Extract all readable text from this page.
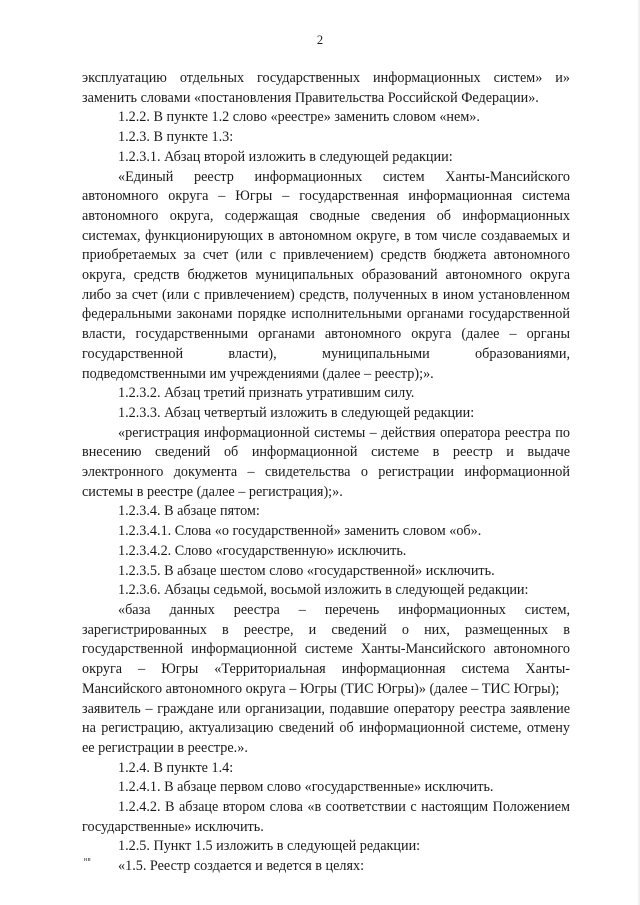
2

эксплуатацию отдельных государственных информационных систем» и» заменить словами «постановления Правительства Российской Федерации».

1.2.2. В пункте 1.2 слово «реестре» заменить словом «нем».

1.2.3. В пункте 1.3:

1.2.3.1. Абзац второй изложить в следующей редакции:

«Единый реестр информационных систем Ханты-Мансийского автономного округа – Югры – государственная информационная система автономного округа, содержащая сводные сведения об информационных системах, функционирующих в автономном округе, в том числе создаваемых и приобретаемых за счет (или с привлечением) средств бюджета автономного округа, средств бюджетов муниципальных образований автономного округа либо за счет (или с привлечением) средств, полученных в ином установленном федеральными законами порядке исполнительными органами государственной власти, государственными органами автономного округа (далее – органы государственной власти), муниципальными образованиями, подведомственными им учреждениями (далее – реестр);».

1.2.3.2. Абзац третий признать утратившим силу.

1.2.3.3. Абзац четвертый изложить в следующей редакции:

«регистрация информационной системы – действия оператора реестра по внесению сведений об информационной системе в реестр и выдаче электронного документа – свидетельства о регистрации информационной системы в реестре (далее – регистрация);».

1.2.3.4. В абзаце пятом:

1.2.3.4.1. Слова «о государственной» заменить словом «об».

1.2.3.4.2. Слово «государственную» исключить.

1.2.3.5. В абзаце шестом слово «государственной» исключить.

1.2.3.6. Абзацы седьмой, восьмой изложить в следующей редакции:

«база данных реестра – перечень информационных систем, зарегистрированных в реестре, и сведений о них, размещенных в государственной информационной системе Ханты-Мансийского автономного округа – Югры «Территориальная информационная система Ханты-Мансийского автономного округа – Югры (ТИС Югры)» (далее – ТИС Югры);

заявитель – граждане или организации, подавшие оператору реестра заявление на регистрацию, актуализацию сведений об информационной системе, отмену ее регистрации в реестре.».

1.2.4. В пункте 1.4:

1.2.4.1. В абзаце первом слово «государственные» исключить.

1.2.4.2. В абзаце втором слова «в соответствии с настоящим Положением государственные» исключить.

1.2.5. Пункт 1.5 изложить в следующей редакции:

«1.5. Реестр создается и ведется в целях:

нв
